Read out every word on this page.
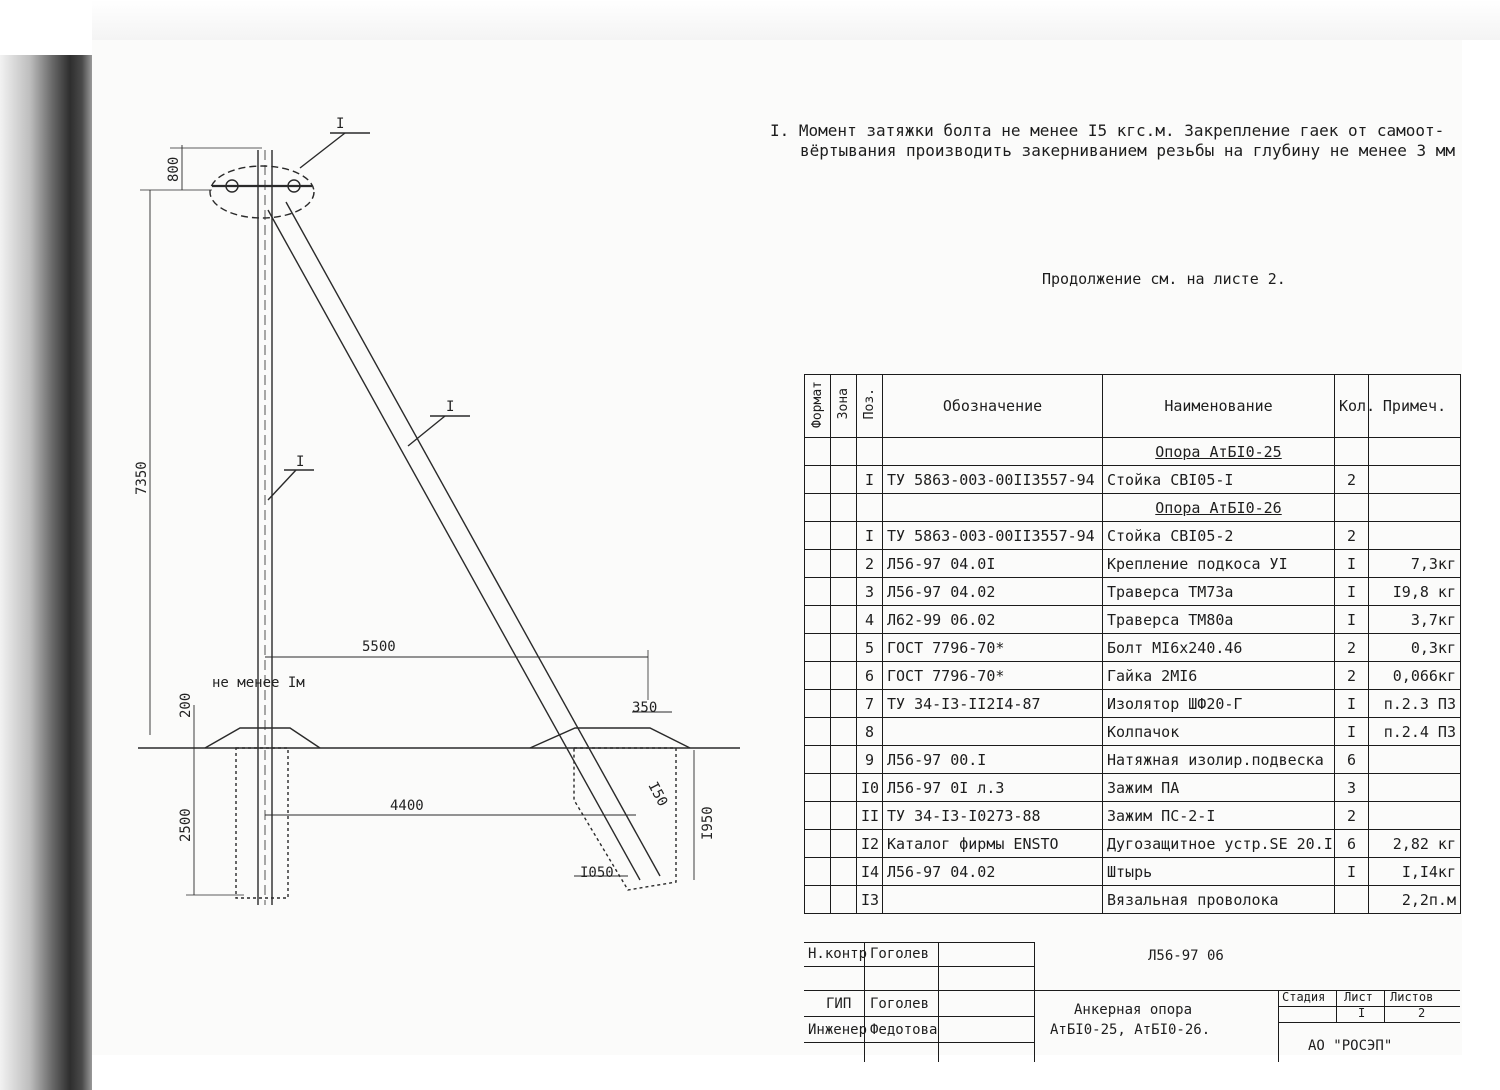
800
7350
5500
200
2500
4400
350
I50
I950
I050
не менее Iм
I
I
I
I. Момент затяжки болта не менее I5 кгс.м. Закрепление гаек от самоот-
вёртывания производить закерниванием резьбы на глубину не менее 3 мм
Продолжение см. на листе 2.
Формат	Зона	Поз.	Обозначение	Наименование	Кол.	Примеч.
				Опора АтБI0-25		
		I	ТУ 5863-003-00II3557-94	Стойка СВI05-I	2	
				Опора АтБI0-26		
		I	ТУ 5863-003-00II3557-94	Стойка СВI05-2	2	
		2	Л56-97 04.0I	Крепление подкоса УI	I	7,3кг
		3	Л56-97 04.02	Траверса ТМ73а	I	I9,8 кг
		4	Л62-99 06.02	Траверса ТМ80а	I	3,7кг
		5	ГОСТ 7796-70*	Болт МI6х240.46	2	0,3кг
		6	ГОСТ 7796-70*	Гайка 2МI6	2	0,066кг
		7	ТУ 34-I3-II2I4-87	Изолятор ШФ20-Г	I	п.2.3 ПЗ
		8		Колпачок	I	п.2.4 ПЗ
		9	Л56-97 00.I	Натяжная изолир.подвеска	6	
		I0	Л56-97 0I л.3	Зажим ПА	3	
		II	ТУ 34-I3-I0273-88	Зажим ПС-2-I	2	
		I2	Каталог фирмы ENSTO	Дугозащитное устр.SE 20.I	6	2,82 кг
		I4	Л56-97 04.02	Штырь	I	I,I4кг
		I3		Вязальная проволока		2,2п.м
Н.контр Гоголев
ГИП Гоголев
Инженер Федотова
Л56-97 06
Анкерная опора
АтБI0-25, АтБI0-26.
Стадия Лист Листов
I	2
АО "РОСЭП"
